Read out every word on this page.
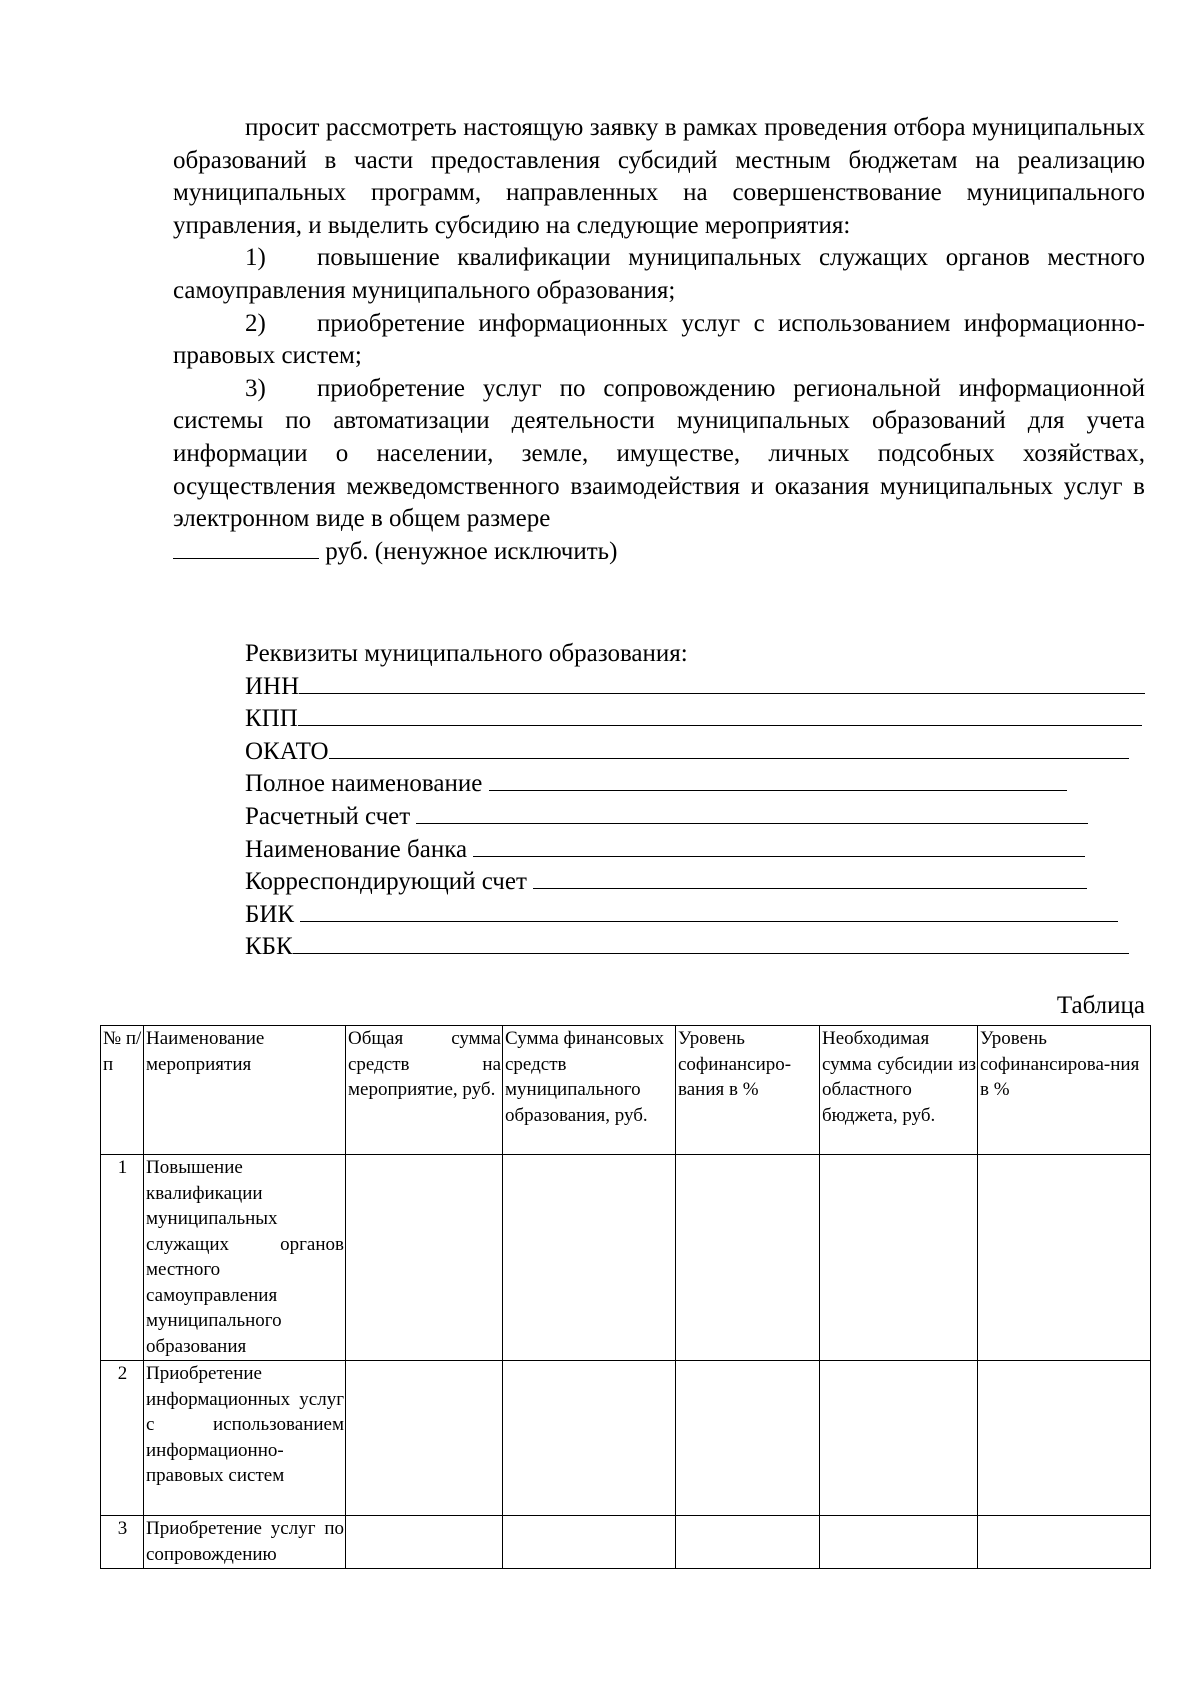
просит рассмотреть настоящую заявку в рамках проведения отбора муниципальных образований в части предоставления субсидий местным бюджетам на реализацию муниципальных программ, направленных на совершенствование муниципального управления, и выделить субсидию на следующие мероприятия:

1) повышение квалификации муниципальных служащих органов местного самоуправления муниципального образования;

2) приобретение информационных услуг с использованием информационно-правовых систем;

3) приобретение услуг по сопровождению региональной информационной системы по автоматизации деятельности муниципальных образований для учета информации о населении, земле, имуществе, личных подсобных хозяйствах, осуществления межведомственного взаимодействия и оказания муниципальных услуг в электронном виде в общем размере

руб. (ненужное исключить)

Реквизиты муниципального образования:

ИНН
КПП
ОКАТО
Полное наименование
Расчетный счет
Наименование банка
Корреспондирующий счет
БИК
КБК
Таблица
№ п/п	Наименование мероприятия	Общая сумма средств на мероприятие, руб.	Сумма финансовых средств муниципального образования, руб.	Уровень софинансиро-вания в %	Необходимая сумма субсидии из областного бюджета, руб.	Уровень софинансирова-ния в %
1	Повышение квалификации муниципальных служащих органов местного самоуправления муниципального образования					
2	Приобретение информационных услуг с использованием информационно-правовых систем					
3	Приобретение услуг по сопровождению					
